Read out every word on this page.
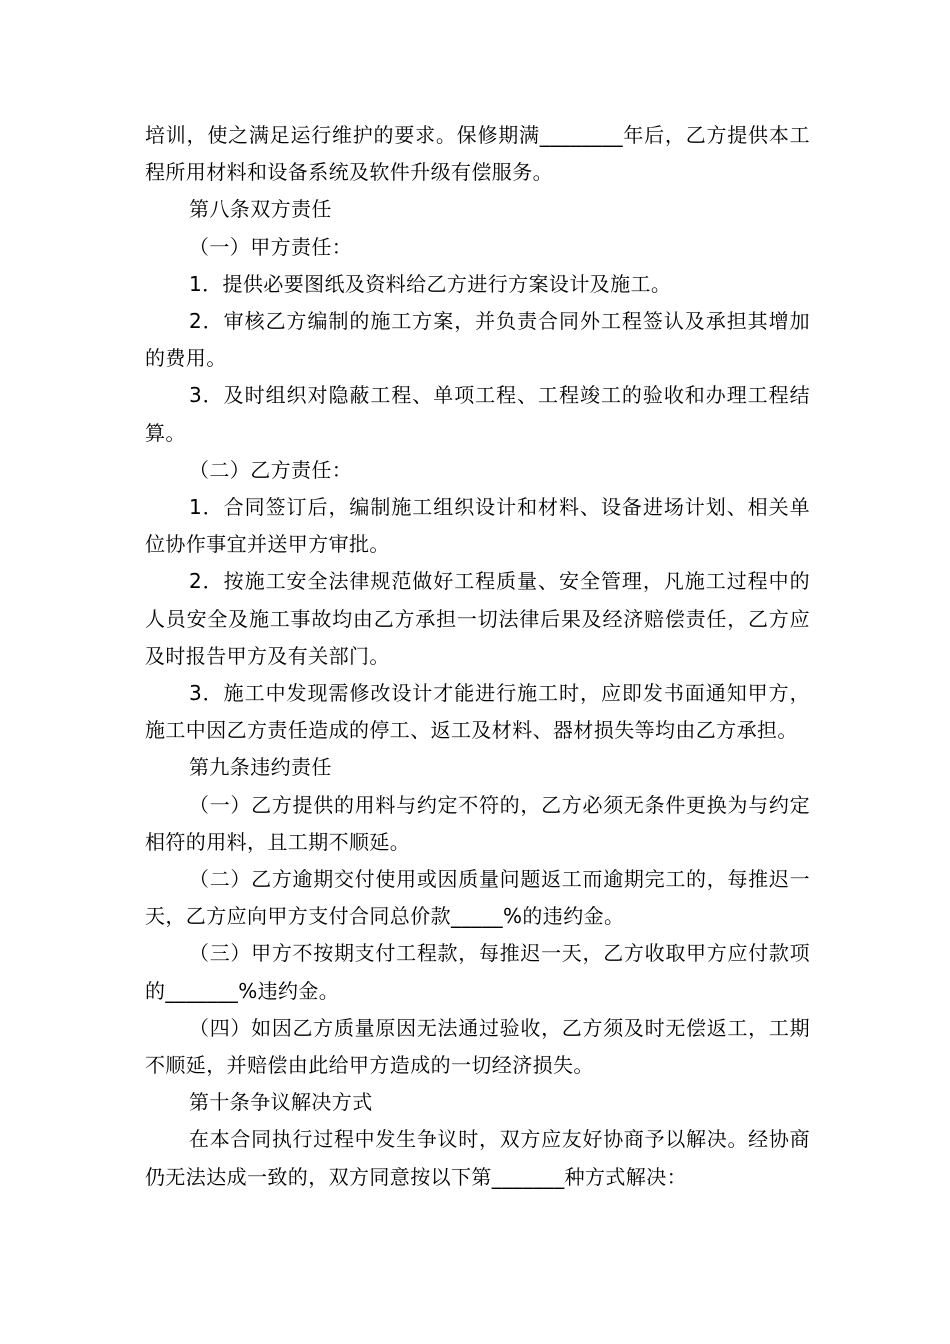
培训，使之满足运行维护的要求。保修期满________年后，乙方提供本工程所用材料和设备系统及软件升级有偿服务。

第八条双方责任

（一）甲方责任：

1．提供必要图纸及资料给乙方进行方案设计及施工。

2．审核乙方编制的施工方案，并负责合同外工程签认及承担其增加的费用。

3．及时组织对隐蔽工程、单项工程、工程竣工的验收和办理工程结算。

（二）乙方责任：

1．合同签订后，编制施工组织设计和材料、设备进场计划、相关单位协作事宜并送甲方审批。

2．按施工安全法律规范做好工程质量、安全管理，凡施工过程中的人员安全及施工事故均由乙方承担一切法律后果及经济赔偿责任，乙方应及时报告甲方及有关部门。

3．施工中发现需修改设计才能进行施工时，应即发书面通知甲方，施工中因乙方责任造成的停工、返工及材料、器材损失等均由乙方承担。

第九条违约责任

（一）乙方提供的用料与约定不符的，乙方必须无条件更换为与约定相符的用料，且工期不顺延。

（二）乙方逾期交付使用或因质量问题返工而逾期完工的，每推迟一天，乙方应向甲方支付合同总价款_____%的违约金。

（三）甲方不按期支付工程款，每推迟一天，乙方收取甲方应付款项的_______%违约金。

（四）如因乙方质量原因无法通过验收，乙方须及时无偿返工，工期不顺延，并赔偿由此给甲方造成的一切经济损失。

第十条争议解决方式

在本合同执行过程中发生争议时，双方应友好协商予以解决。经协商仍无法达成一致的，双方同意按以下第_______种方式解决：
